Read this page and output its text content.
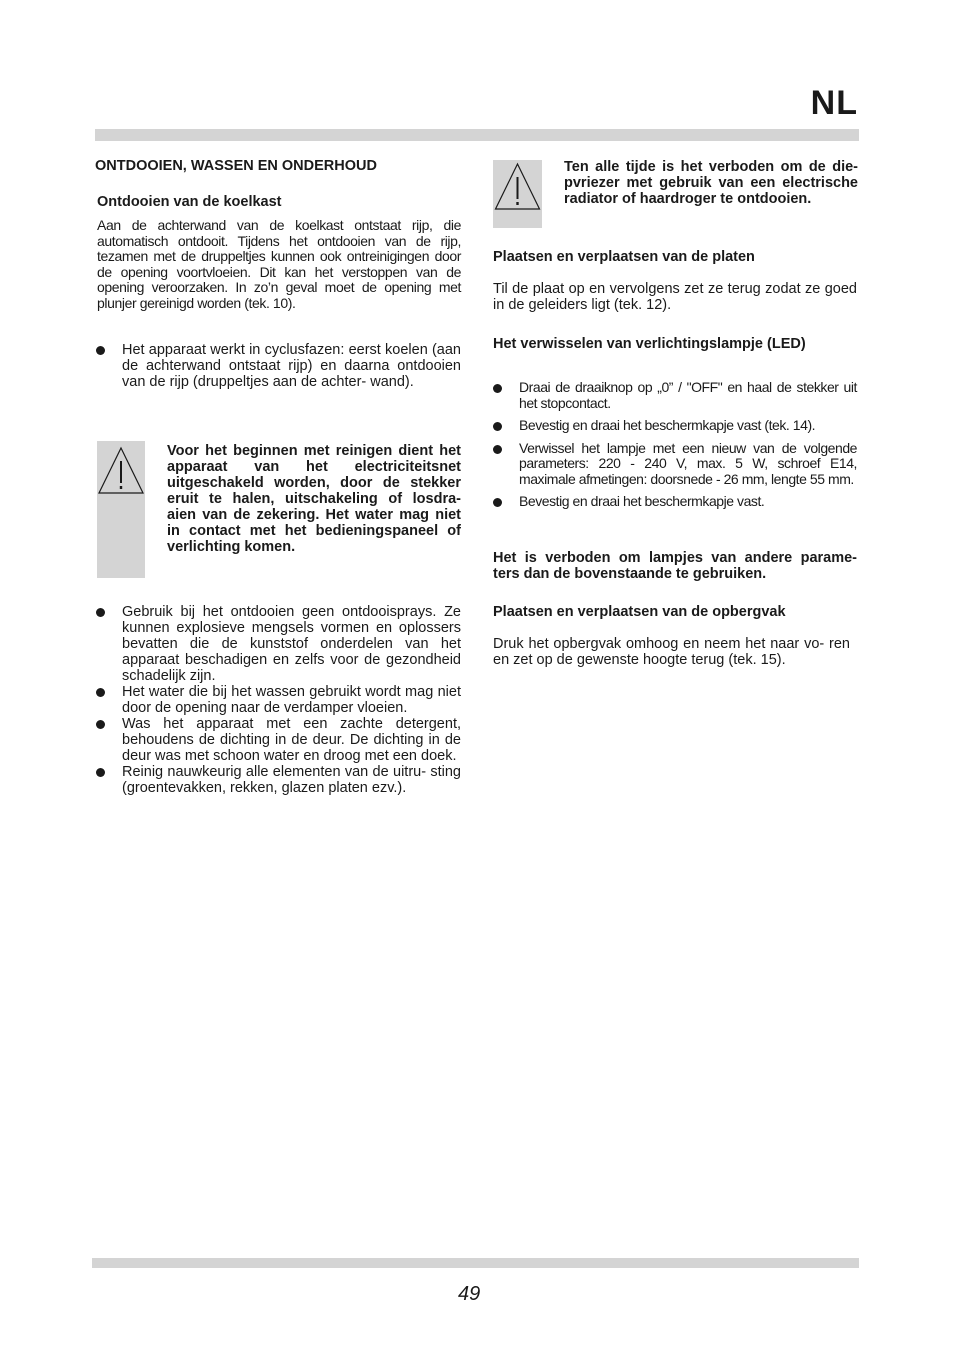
NL
ONTDOOIEN, WASSEN EN ONDERHOUD
Ontdooien van de koelkast
Aan de achterwand van de koelkast ontstaat rijp, die automatisch ontdooit. Tijdens het ontdooien van de rijp, tezamen met de druppeltjes kunnen ook ontreinigingen door de opening voortvloeien. Dit kan het verstoppen van de opening veroorzaken. In zo’n geval moet de opening met plunjer gereinigd worden (tek. 10).
Het apparaat werkt in cyclusfazen: eerst koelen (aan de achterwand ontstaat rijp) en daarna ontdooien van de rijp (druppeltjes aan de achter- wand).
Voor het beginnen met reinigen dient het apparaat van het electriciteitsnet uitgeschakeld worden, door de stekker eruit te halen, uitschakeling of losdra- aien van de zekering. Het water mag niet in contact met het bedieningspaneel of verlichting komen.
Gebruik bij het ontdooien geen ontdooisprays. Ze kunnen explosieve mengsels vormen en oplossers bevatten die de kunststof onderdelen van het apparaat beschadigen en zelfs voor de gezondheid schadelijk zijn.
Het water die bij het wassen gebruikt wordt mag niet door de opening naar de verdamper vloeien.
Was het apparaat met een zachte detergent, behoudens de dichting in de deur. De dichting in de deur was met schoon water en droog met een doek.
Reinig nauwkeurig alle elementen van de uitru- sting (groentevakken, rekken, glazen platen ezv.).
Ten alle tijde is het verboden om de die- pvriezer met gebruik van een electrische radiator of haardroger te ontdooien.
Plaatsen en verplaatsen van de platen
Til de plaat op en vervolgens zet ze terug zodat ze goed in de geleiders ligt (tek. 12).
Het verwisselen van verlichtingslampje (LED)
Draai de draaiknop op „0” / "OFF" en haal de stekker uit het stopcontact.
Bevestig en draai het beschermkapje vast (tek. 14).
Verwissel het lampje met een nieuw van de volgende parameters: 220 - 240 V, max. 5 W, schroef E14, maximale afmetingen: doorsnede - 26 mm, lengte 55 mm.
Bevestig en draai het beschermkapje vast.
Het is verboden om lampjes van andere parame- ters dan de bovenstaande te gebruiken.
Plaatsen en verplaatsen van de opbergvak
Druk het opbergvak omhoog en neem het naar vo- ren en zet op de gewenste hoogte terug (tek. 15).
49
